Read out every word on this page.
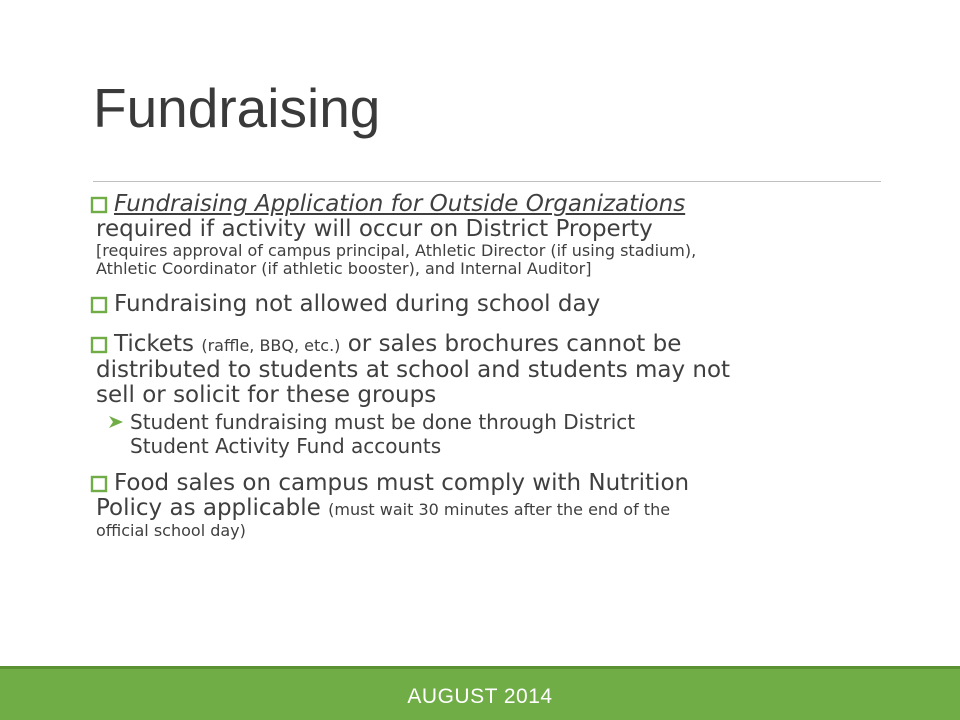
Fundraising
Fundraising Application for Outside Organizations
required if activity will occur on District Property
[requires approval of campus principal, Athletic Director (if using stadium),
Athletic Coordinator (if athletic booster), and Internal Auditor]
Fundraising not allowed during school day
Tickets (raffle, BBQ, etc.) or sales brochures cannot be
distributed to students at school and students may not
sell or solicit for these groups
Student fundraising must be done through District
Student Activity Fund accounts
Food sales on campus must comply with Nutrition
Policy as applicable (must wait 30 minutes after the end of the
official school day)
AUGUST 2014
